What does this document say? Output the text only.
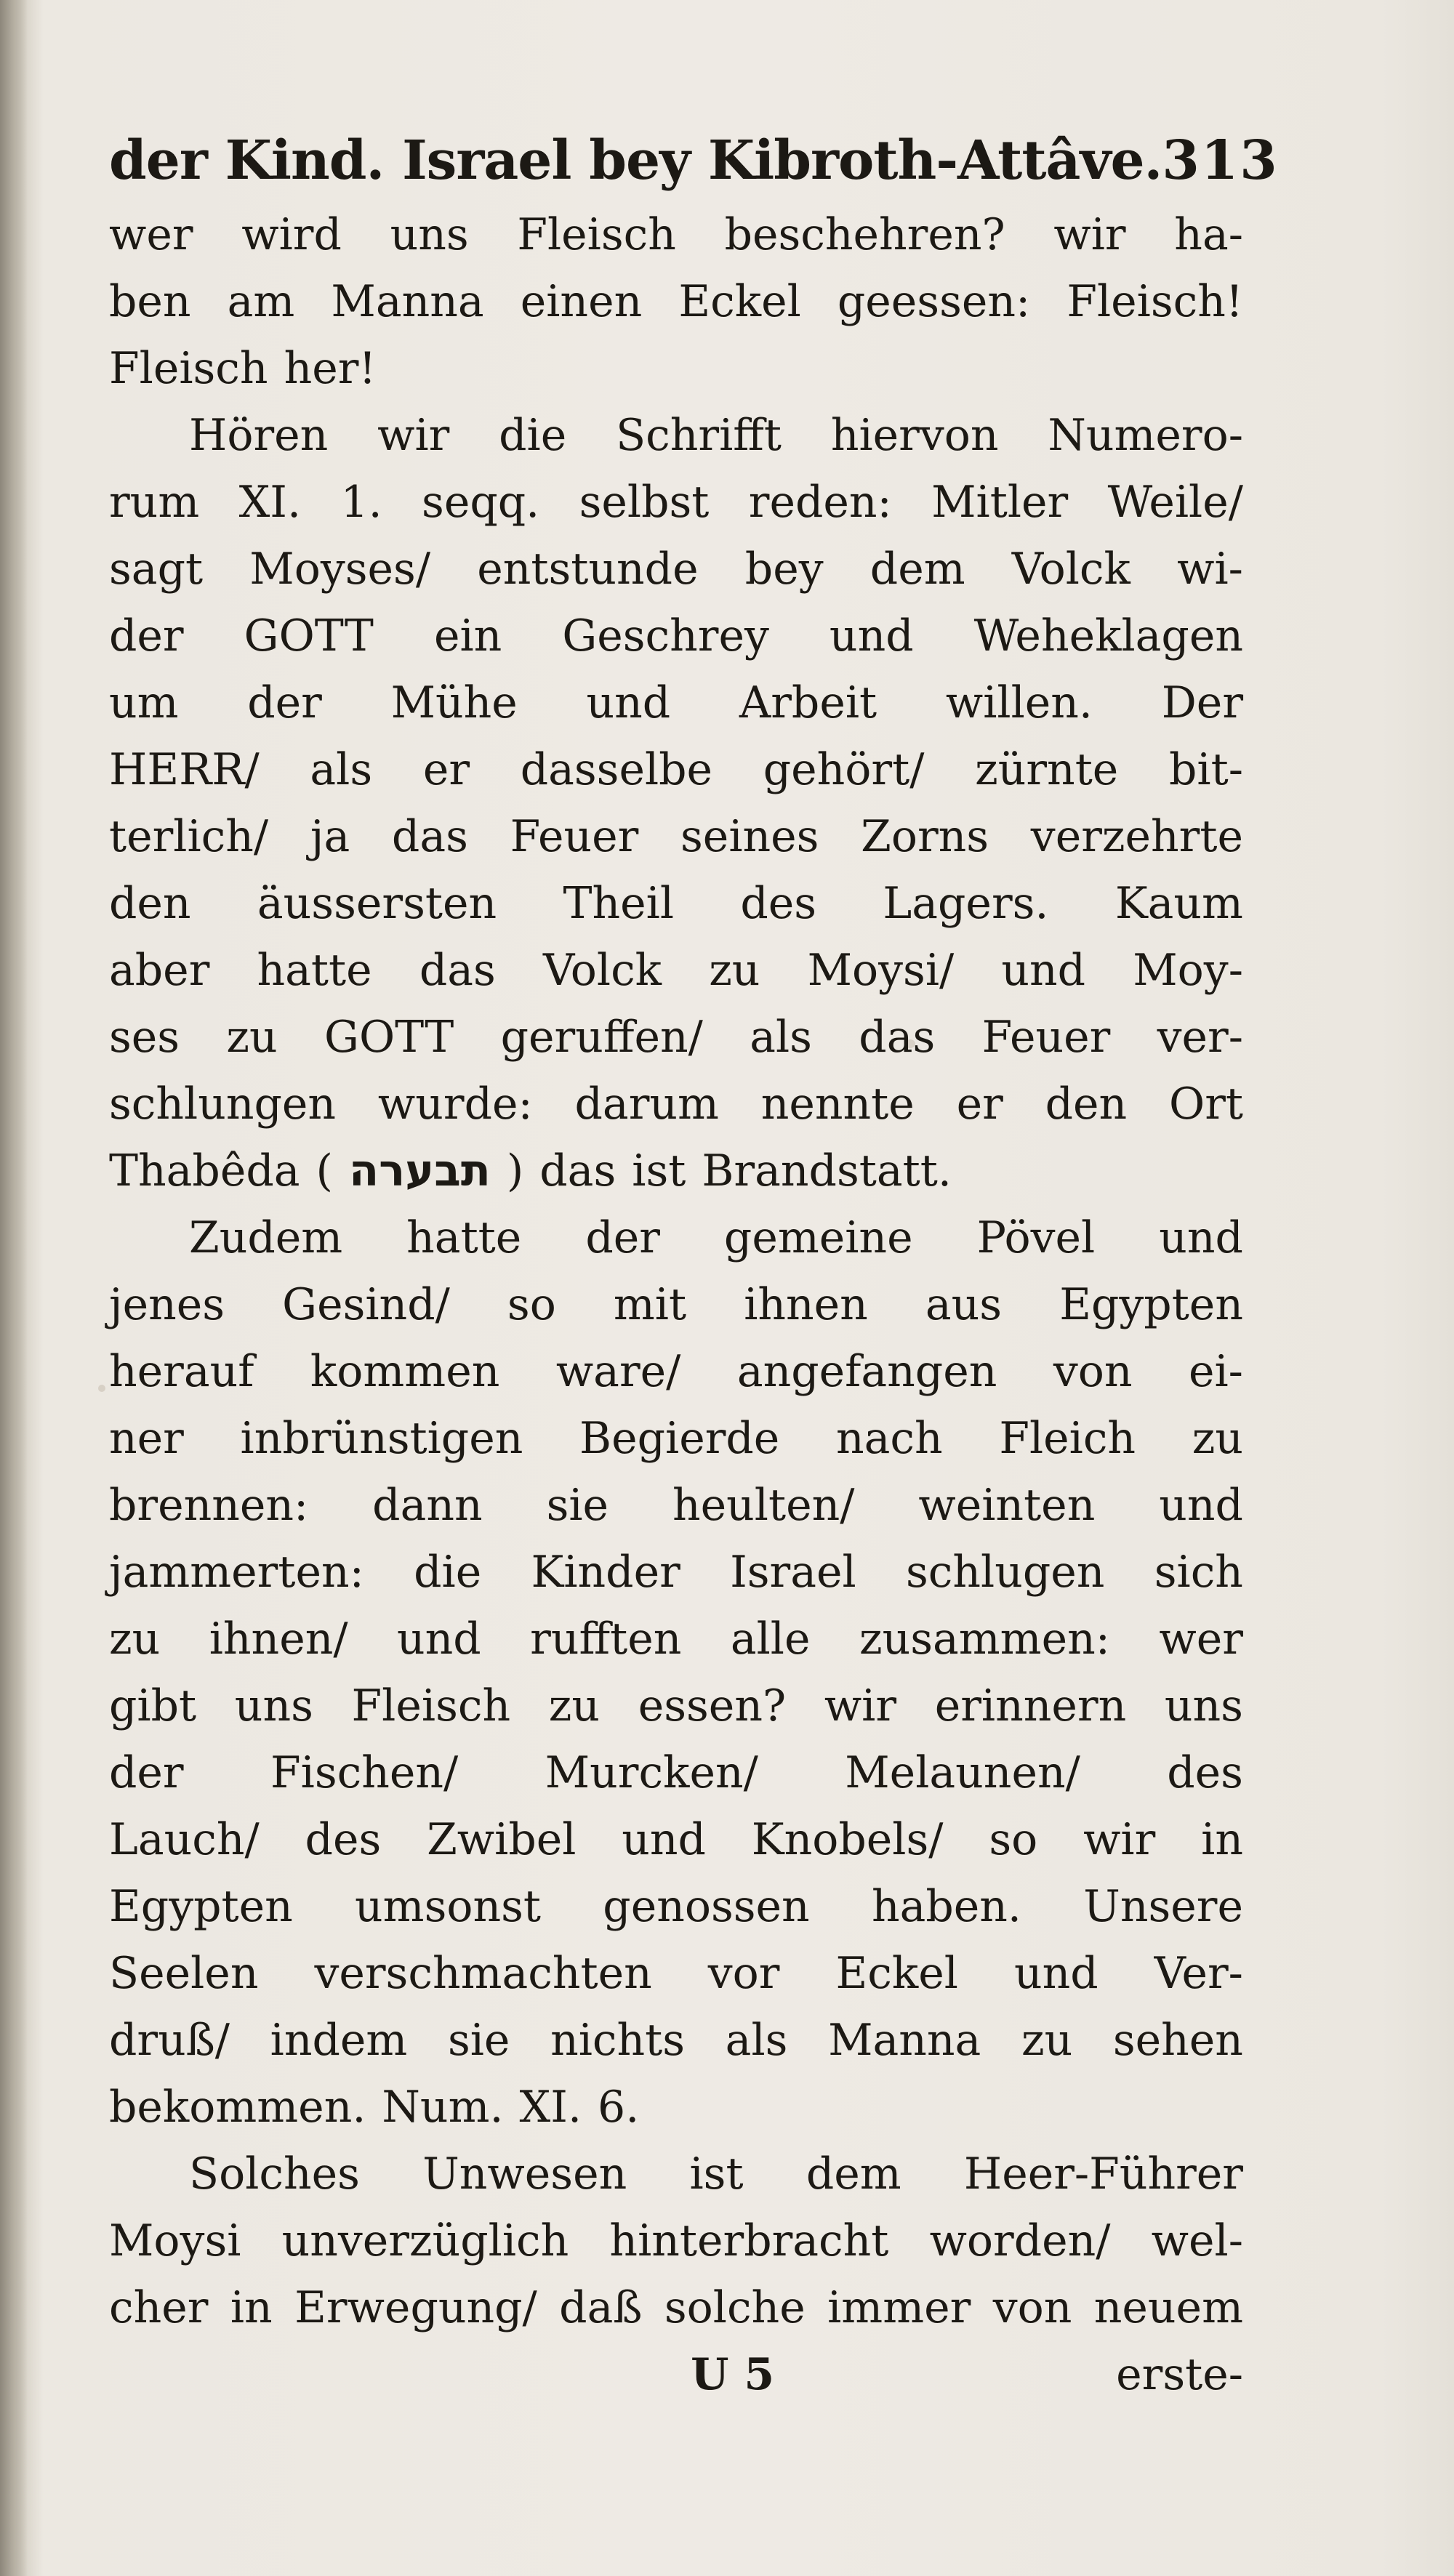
der Kind. Israel bey Kibroth-Attâve. 313
wer wird uns Fleisch beschehren? wir ha-
ben am Manna einen Eckel geessen: Fleisch!
Fleisch her!
Hören wir die Schrifft hiervon Numero-
rum XI. 1. seqq. selbst reden: Mitler Weile/
sagt Moyses/ entstunde bey dem Volck wi-
der GOTT ein Geschrey und Weheklagen
um der Mühe und Arbeit willen. Der
HERR/ als er dasselbe gehört/ zürnte bit-
terlich/ ja das Feuer seines Zorns verzehrte
den äussersten Theil des Lagers. Kaum
aber hatte das Volck zu Moysi/ und Moy-
ses zu GOTT geruffen/ als das Feuer ver-
schlungen wurde: darum nennte er den Ort
Thabêda ( תבערה ) das ist Brandstatt.
Zudem hatte der gemeine Pövel und
jenes Gesind/ so mit ihnen aus Egypten
herauf kommen ware/ angefangen von ei-
ner inbrünstigen Begierde nach Fleich zu
brennen: dann sie heulten/ weinten und
jammerten: die Kinder Israel schlugen sich
zu ihnen/ und rufften alle zusammen: wer
gibt uns Fleisch zu essen? wir erinnern uns
der Fischen/ Murcken/ Melaunen/ des
Lauch/ des Zwibel und Knobels/ so wir in
Egypten umsonst genossen haben. Unsere
Seelen verschmachten vor Eckel und Ver-
druß/ indem sie nichts als Manna zu sehen
bekommen. Num. XI. 6.
Solches Unwesen ist dem Heer-Führer
Moysi unverzüglich hinterbracht worden/ wel-
cher in Erwegung/ daß solche immer von neuem
U 5	erste-
